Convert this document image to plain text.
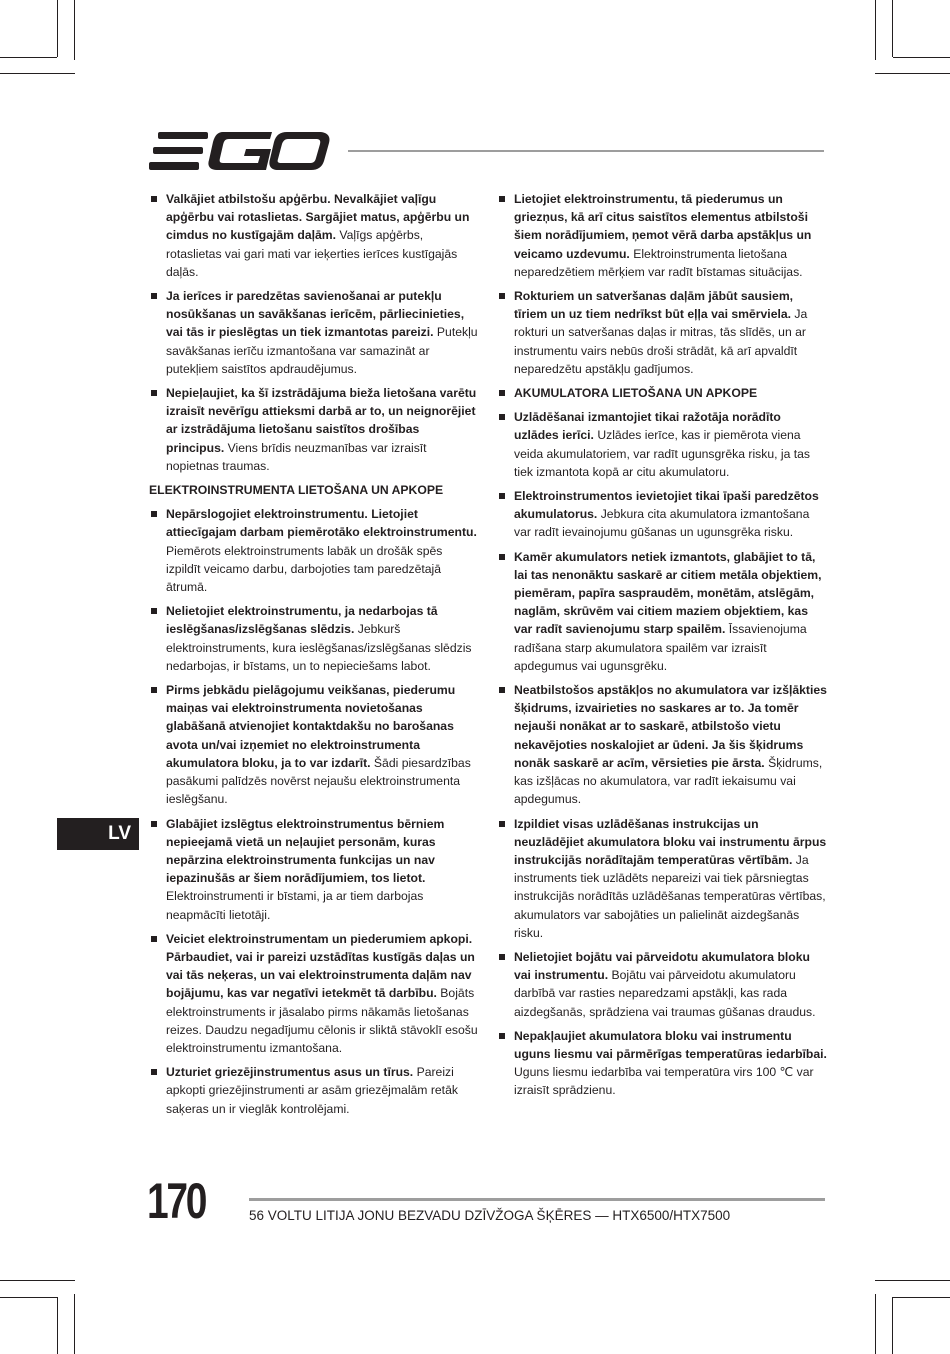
Valkājiet atbilstošu apģērbu. Nevalkājiet vaļīgu apģērbu vai rotaslietas. Sargājiet matus, apģērbu un cimdus no kustīgajām daļām. Vaļīgs apģērbs, rotaslietas vai gari mati var ieķerties ierīces kustīgajās daļās.
Ja ierīces ir paredzētas savienošanai ar putekļu nosūkšanas un savākšanas ierīcēm, pārliecinieties, vai tās ir pieslēgtas un tiek izmantotas pareizi. Putekļu savākšanas ierīču izmantošana var samazināt ar putekļiem saistītos apdraudējumus.
Nepieļaujiet, ka šī izstrādājuma bieža lietošana varētu izraisīt nevērīgu attieksmi darbā ar to, un neignorējiet ar izstrādājuma lietošanu saistītos drošības principus. Viens brīdis neuzmanības var izraisīt nopietnas traumas.
ELEKTROINSTRUMENTA LIETOŠANA UN APKOPE
Nepārslogojiet elektroinstrumentu. Lietojiet attiecīgajam darbam piemērotāko elektroinstrumentu. Piemērots elektroinstruments labāk un drošāk spēs izpildīt veicamo darbu, darbojoties tam paredzētajā ātrumā.
Nelietojiet elektroinstrumentu, ja nedarbojas tā ieslēgšanas/izslēgšanas slēdzis. Jebkurš elektroinstruments, kura ieslēgšanas/izslēgšanas slēdzis nedarbojas, ir bīstams, un to nepieciešams labot.
Pirms jebkādu pielāgojumu veikšanas, piederumu maiņas vai elektroinstrumenta novietošanas glabāšanā atvienojiet kontaktdakšu no barošanas avota un/vai izņemiet no elektroinstrumenta akumulatora bloku, ja to var izdarīt. Šādi piesardzības pasākumi palīdzēs novērst nejaušu elektroinstrumenta ieslēgšanu.
Glabājiet izslēgtus elektroinstrumentus bērniem nepieejamā vietā un neļaujiet personām, kuras nepārzina elektroinstrumenta funkcijas un nav iepazinušās ar šiem norādījumiem, tos lietot. Elektroinstrumenti ir bīstami, ja ar tiem darbojas neapmācīti lietotāji.
Veiciet elektroinstrumentam un piederumiem apkopi. Pārbaudiet, vai ir pareizi uzstādītas kustīgās daļas un vai tās neķeras, un vai elektroinstrumenta daļām nav bojājumu, kas var negatīvi ietekmēt tā darbību. Bojāts elektroinstruments ir jāsalabo pirms nākamās lietošanas reizes. Daudzu negadījumu cēlonis ir sliktā stāvoklī esošu elektroinstrumentu izmantošana.
Uzturiet griezējinstrumentus asus un tīrus. Pareizi apkopti griezējinstrumenti ar asām griezējmalām retāk saķeras un ir vieglāk kontrolējami.
Lietojiet elektroinstrumentu, tā piederumus un griezņus, kā arī citus saistītos elementus atbilstoši šiem norādījumiem, ņemot vērā darba apstākļus un veicamo uzdevumu. Elektroinstrumenta lietošana neparedzētiem mērķiem var radīt bīstamas situācijas.
Rokturiem un satveršanas daļām jābūt sausiem, tīriem un uz tiem nedrīkst būt eļļa vai smērviela. Ja rokturi un satveršanas daļas ir mitras, tās slīdēs, un ar instrumentu vairs nebūs droši strādāt, kā arī apvaldīt neparedzētu apstākļu gadījumos.
AKUMULATORA LIETOŠANA UN APKOPE
Uzlādēšanai izmantojiet tikai ražotāja norādīto uzlādes ierīci. Uzlādes ierīce, kas ir piemērota viena veida akumulatoriem, var radīt ugunsgrēka risku, ja tas tiek izmantota kopā ar citu akumulatoru.
Elektroinstrumentos ievietojiet tikai īpaši paredzētos akumulatorus. Jebkura cita akumulatora izmantošana var radīt ievainojumu gūšanas un ugunsgrēka risku.
Kamēr akumulators netiek izmantots, glabājiet to tā, lai tas nenonāktu saskarē ar citiem metāla objektiem, piemēram, papīra saspraudēm, monētām, atslēgām, naglām, skrūvēm vai citiem maziem objektiem, kas var radīt savienojumu starp spailēm. Īssavienojuma radīšana starp akumulatora spailēm var izraisīt apdegumus vai ugunsgrēku.
Neatbilstošos apstākļos no akumulatora var izšļākties šķidrums, izvairieties no saskares ar to. Ja tomēr nejauši nonākat ar to saskarē, atbilstošo vietu nekavējoties noskalojiet ar ūdeni. Ja šis šķidrums nonāk saskarē ar acīm, vērsieties pie ārsta. Šķidrums, kas izšļācas no akumulatora, var radīt iekaisumu vai apdegumus.
Izpildiet visas uzlādēšanas instrukcijas un neuzlādējiet akumulatora bloku vai instrumentu ārpus instrukcijās norādītajām temperatūras vērtībām. Ja instruments tiek uzlādēts nepareizi vai tiek pārsniegtas instrukcijās norādītās uzlādēšanas temperatūras vērtības, akumulators var sabojāties un palielināt aizdegšanās risku.
Nelietojiet bojātu vai pārveidotu akumulatora bloku vai instrumentu. Bojātu vai pārveidotu akumulatoru darbībā var rasties neparedzami apstākļi, kas rada aizdegšanās, sprādziena vai traumas gūšanas draudus.
Nepakļaujiet akumulatora bloku vai instrumentu uguns liesmu vai pārmērīgas temperatūras iedarbībai. Uguns liesmu iedarbība vai temperatūra virs 100 ℃ var izraisīt sprādzienu.
LV
170	56 VOLTU LITIJA JONU BEZVADU DZĪVŽOGA ŠĶĒRES — HTX6500/HTX7500
